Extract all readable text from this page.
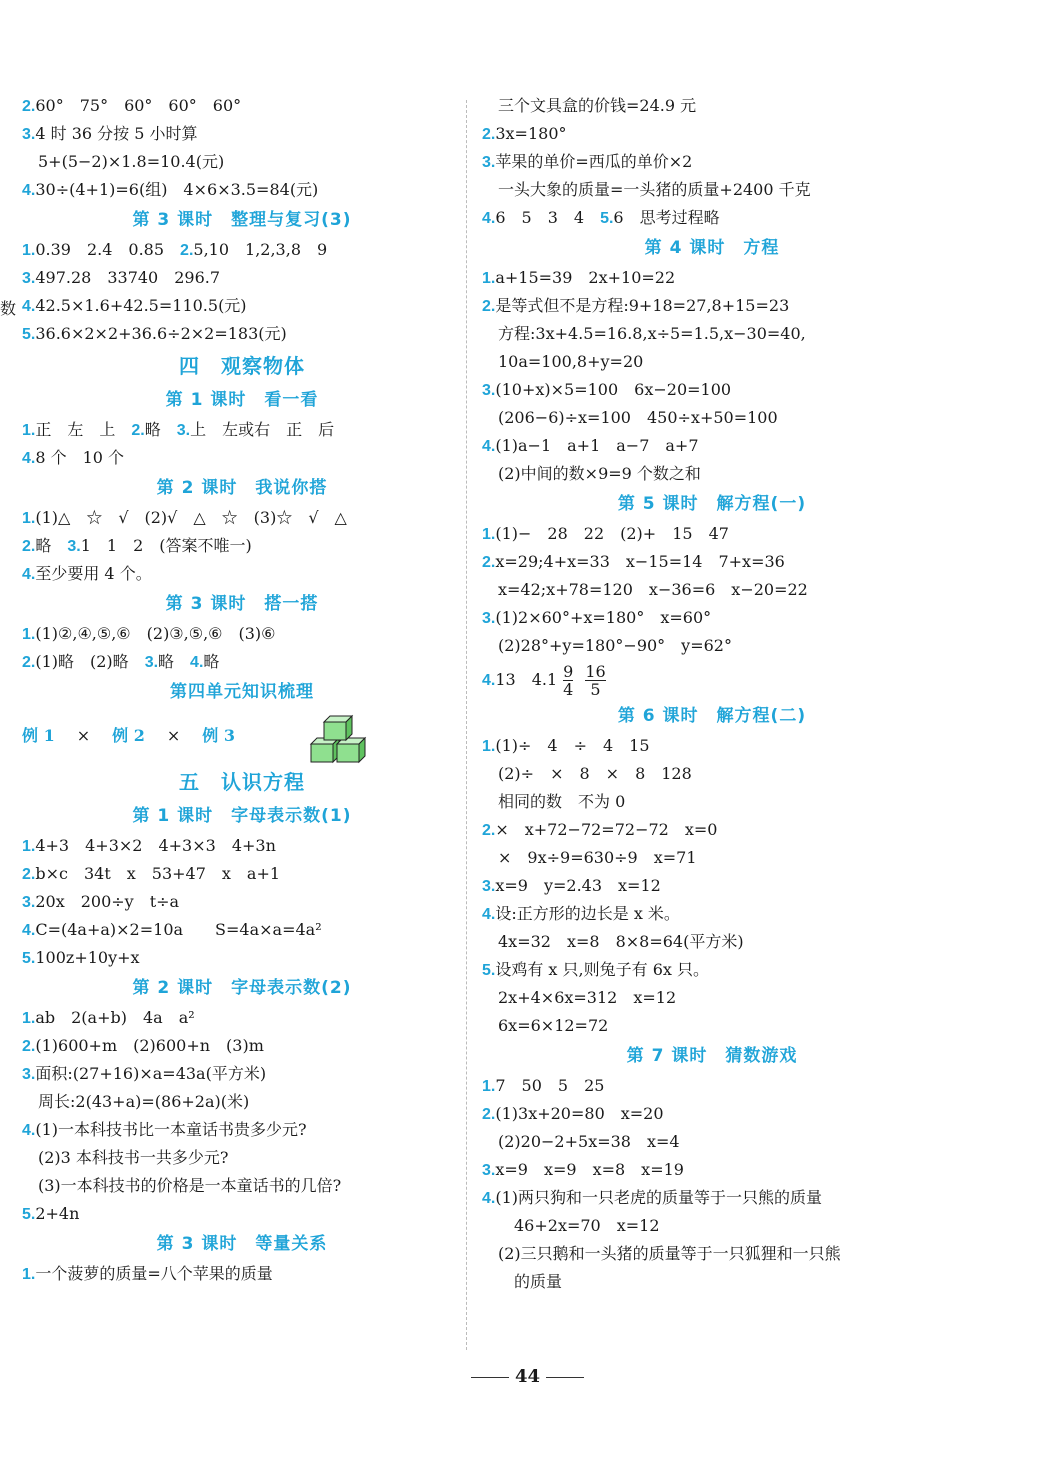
数
2.60°　75°　60°　60°　60°
3.4 时 36 分按 5 小时算
　5+(5−2)×1.8=10.4(元)
4.30÷(4+1)=6(组)　4×6×3.5=84(元)
第 3 课时　整理与复习(3)
1.0.39　2.4　0.85　2.5,10　1,2,3,8　9
3.497.28　33740　296.7
4.42.5×1.6+42.5=110.5(元)
5.36.6×2×2+36.6÷2×2=183(元)
四　观察物体
第 1 课时　看一看
1.正　左　上　2.略　3.上　左或右　正　后
4.8 个　10 个
第 2 课时　我说你搭
1.(1)△　☆　√　(2)√　△　☆　(3)☆　√　△
2.略　3.1　1　2　(答案不唯一)
4.至少要用 4 个。
第 3 课时　搭一搭
1.(1)②,④,⑤,⑥　(2)③,⑤,⑥　(3)⑥
2.(1)略　(2)略　3.略　4.略
第四单元知识梳理
例 1 × 例 2 × 例 3
五　认识方程
第 1 课时　字母表示数(1)
1.4+3　4+3×2　4+3×3　4+3n
2.b×c　34t　x　53+47　x　a+1
3.20x　200÷y　t÷a
4.C=(4a+a)×2=10a　　S=4a×a=4a²
5.100z+10y+x
第 2 课时　字母表示数(2)
1.ab　2(a+b)　4a　a²
2.(1)600+m　(2)600+n　(3)m
3.面积:(27+16)×a=43a(平方米)
　周长:2(43+a)=(86+2a)(米)
4.(1)一本科技书比一本童话书贵多少元?
　(2)3 本科技书一共多少元?
　(3)一本科技书的价格是一本童话书的几倍?
5.2+4n
第 3 课时　等量关系
1.一个菠萝的质量=八个苹果的质量
　三个文具盒的价钱=24.9 元
2.3x=180°
3.苹果的单价=西瓜的单价×2
　一头大象的质量=一头猪的质量+2400 千克
4.6　5　3　4　5.6　思考过程略
第 4 课时　方程
1.a+15=39　2x+10=22
2.是等式但不是方程:9+18=27,8+15=23
　方程:3x+4.5=16.8,x÷5=1.5,x−30=40,
　10a=100,8+y=20
3.(10+x)×5=100　6x−20=100
　(206−6)÷x=100　450÷x+50=100
4.(1)a−1　a+1　a−7　a+7
　(2)中间的数×9=9 个数之和
第 5 课时　解方程(一)
1.(1)−　28　22　(2)+　15　47
2.x=29;4+x=33　x−15=14　7+x=36
　x=42;x+78=120　x−36=6　x−20=22
3.(1)2×60°+x=180°　x=60°
　(2)28°+y=180°−90°　y=62°
4.13　$4.1 \frac{9}{4} \frac{16}{5}$
第 6 课时　解方程(二)
1.(1)÷　4　÷　4　15
　(2)÷　×　8　×　8　128
　相同的数　不为 0
2.×　x+72−72=72−72　x=0
　×　9x÷9=630÷9　x=71
3.x=9　y=2.43　x=12
4.设:正方形的边长是 x 米。
　4x=32　x=8　8×8=64(平方米)
5.设鸡有 x 只,则兔子有 6x 只。
　2x+4×6x=312　x=12
　6x=6×12=72
第 7 课时　猜数游戏
1.7　50　5　25
2.(1)3x+20=80　x=20
　(2)20−2+5x=38　x=4
3.x=9　x=9　x=8　x=19
4.(1)两只狗和一只老虎的质量等于一只熊的质量
　　46+2x=70　x=12
　(2)三只鹅和一头猪的质量等于一只狐狸和一只熊
　　的质量
44
